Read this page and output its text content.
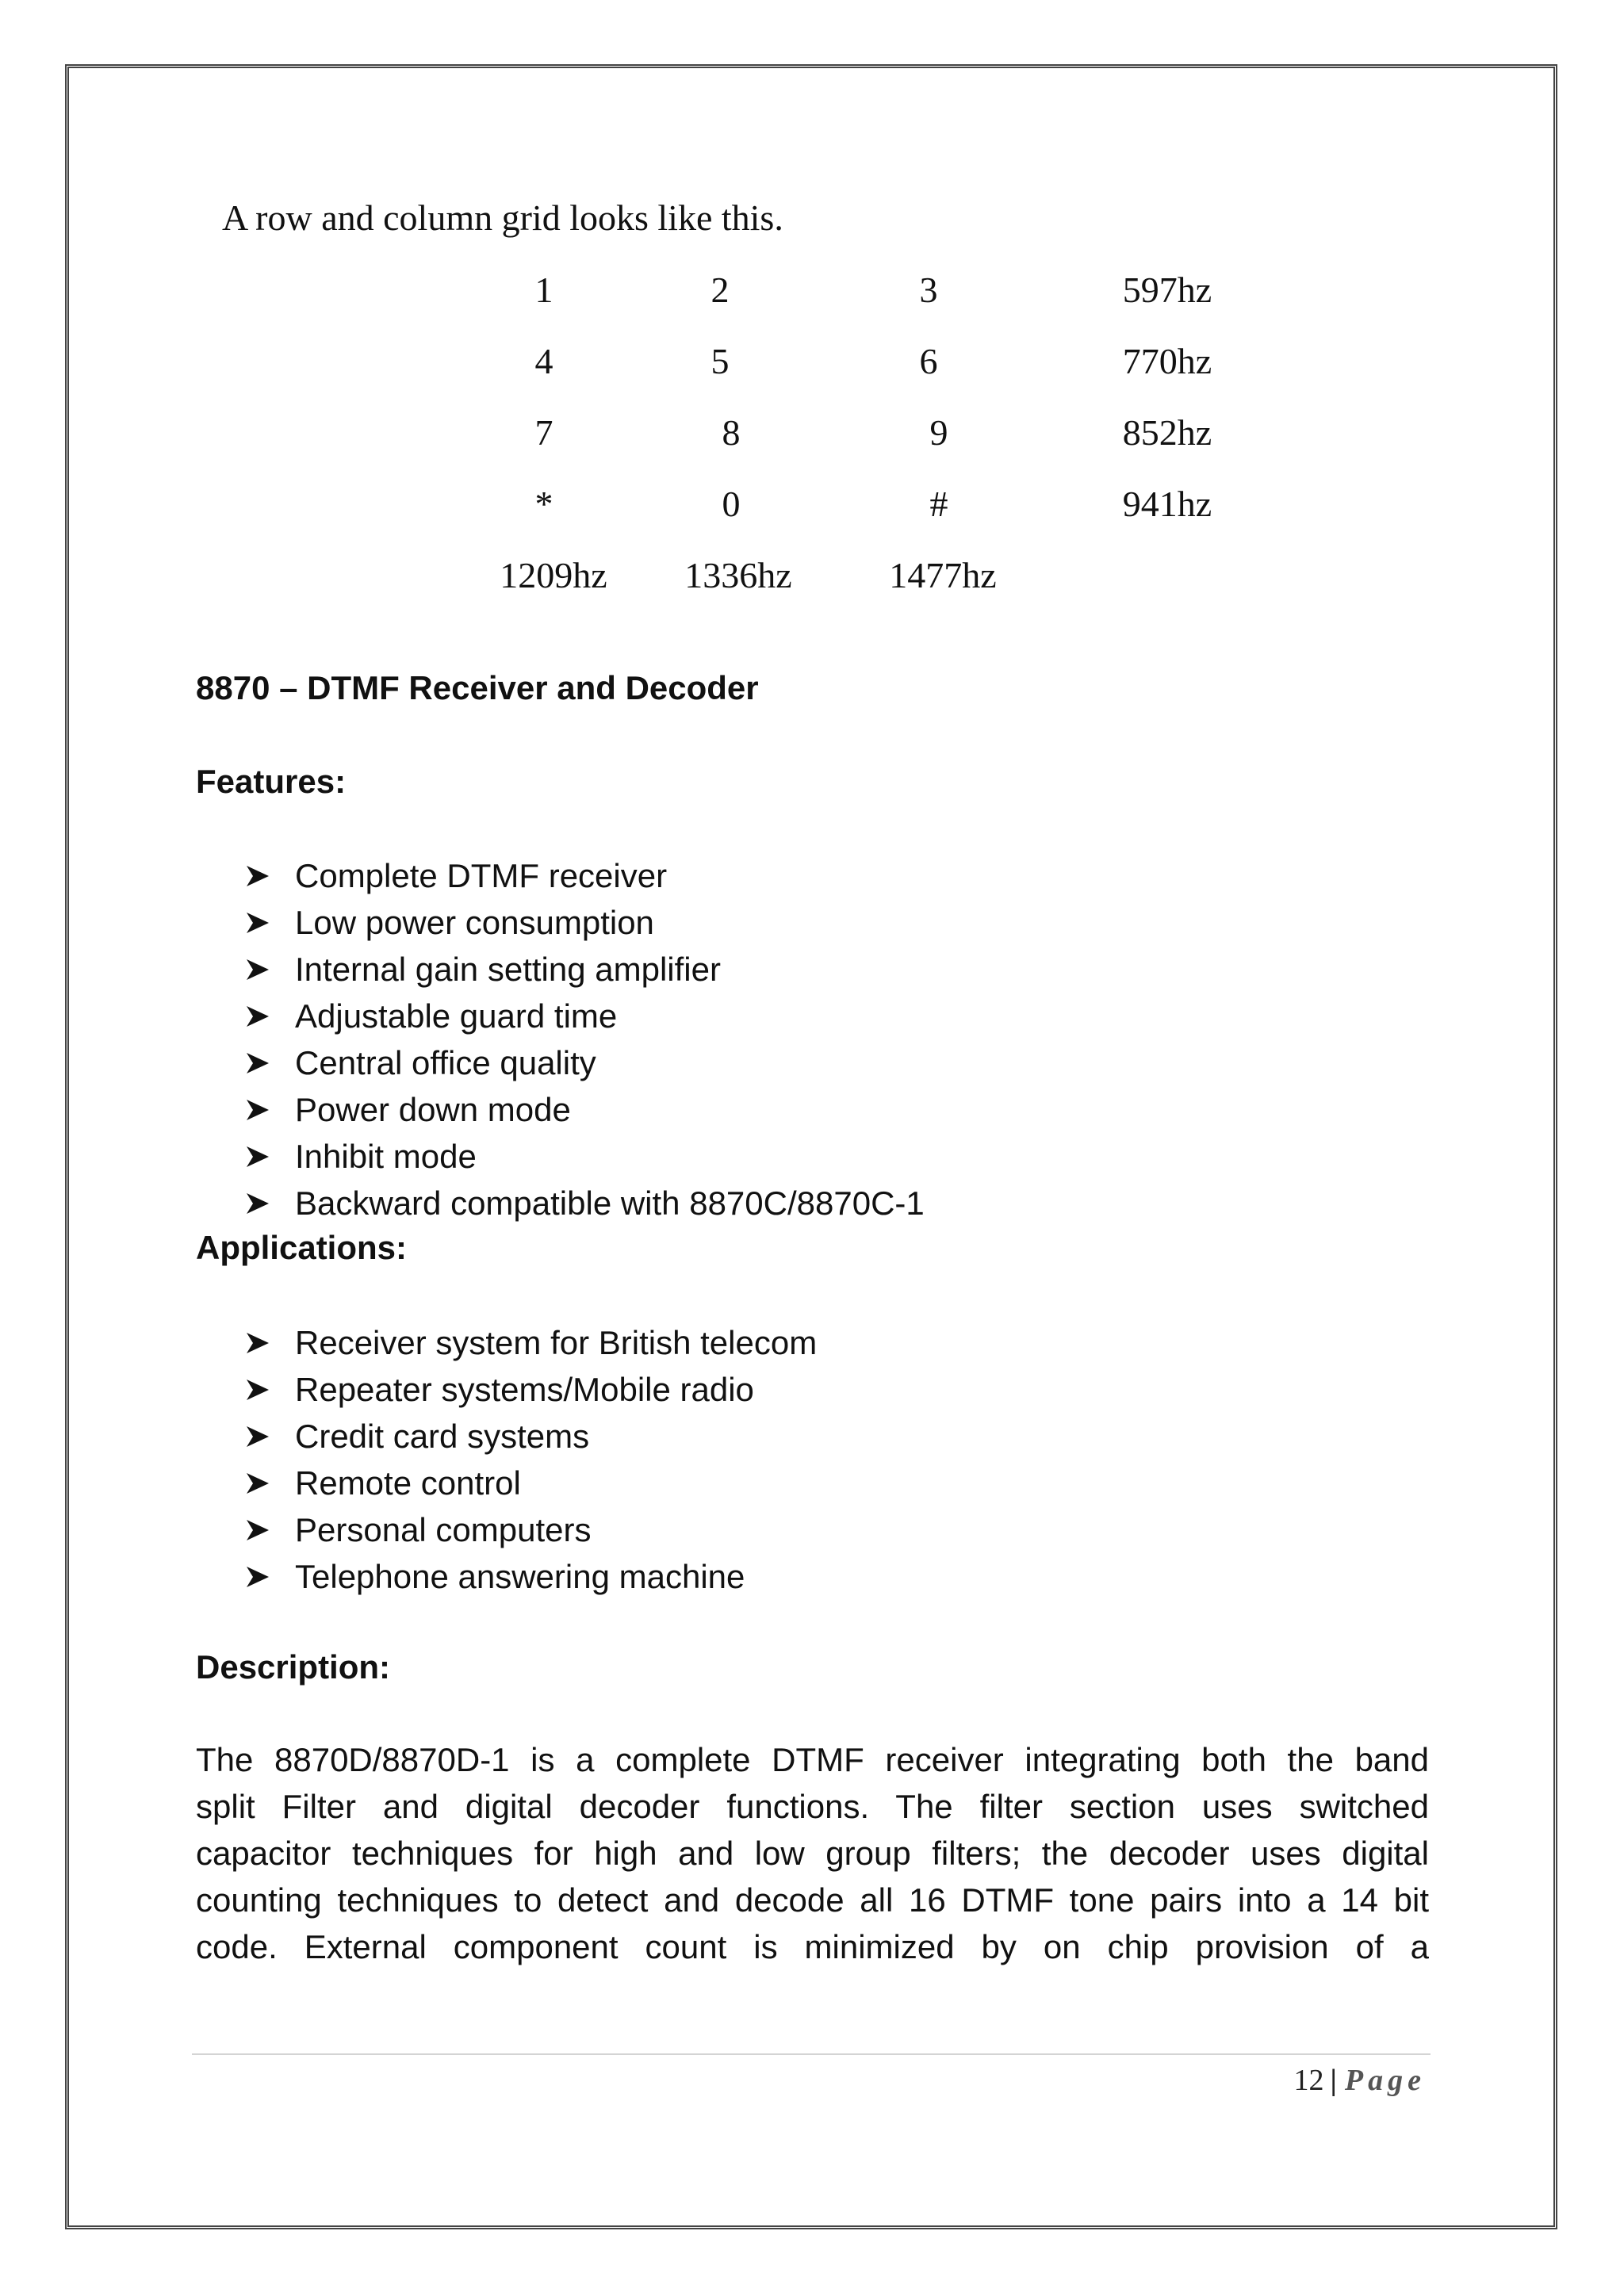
A row and column grid looks like this.

1	2	3	597hz
4	5	6	770hz
7	8	9	852hz
*	0	#	941hz
1209hz 1336hz	1477hz
8870 – DTMF Receiver and Decoder
Features:
Complete DTMF receiver
Low power consumption
Internal gain setting amplifier
Adjustable guard time
Central office quality
Power down mode
Inhibit mode
Backward compatible with 8870C/8870C-1
Applications:
Receiver system for British telecom
Repeater systems/Mobile radio
Credit card systems
Remote control
Personal computers
Telephone answering machine
Description:
The 8870D/8870D-1 is a complete DTMF receiver integrating both the band
split Filter and digital decoder functions. The filter section uses switched
capacitor techniques for high and low group filters; the decoder uses digital
counting techniques to detect and decode all 16 DTMF tone pairs into a 14 bit
code. External component count is minimized by on chip provision of a
12 | Page
